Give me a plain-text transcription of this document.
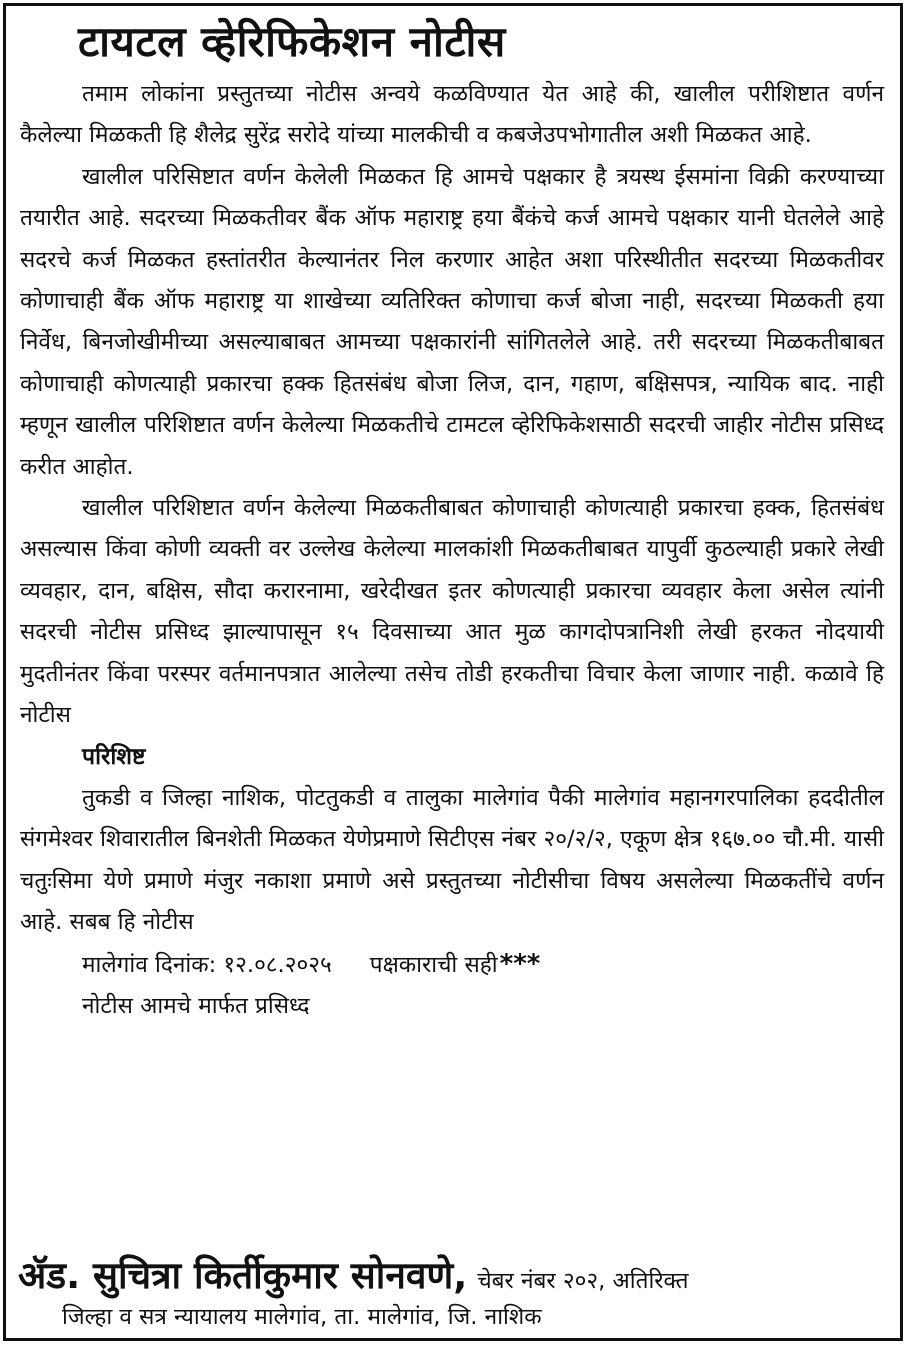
टायटल व्हेरिफिकेशन नोटीस

तमाम लोकांना प्रस्तुतच्या नोटीस अन्वये कळविण्यात येत आहे की, खालील परीशिष्टात वर्णन कैलेल्या मिळकती हि शैलेद्र सुरेंद्र सरोदे यांच्या मालकीची व कबजेउपभोगातील अशी मिळकत आहे.

खालील परिसिष्टात वर्णन केलेली मिळकत हि आमचे पक्षकार है त्रयस्थ ईसमांना विक्री करण्याच्या तयारीत आहे. सदरच्या मिळकतीवर बैंक ऑफ महाराष्ट्र हया बैंकंचे कर्ज आमचे पक्षकार यानी घेतलेले आहे सदरचे कर्ज मिळकत हस्तांतरीत केल्यानंतर निल करणार आहेत अशा परिस्थीतीत सदरच्या मिळकतीवर कोणाचाही बैंक ऑफ महाराष्ट्र या शाखेच्या व्यतिरिक्त कोणाचा कर्ज बोजा नाही, सदरच्या मिळकती हया निर्वेध, बिनजोखीमीच्या असल्याबाबत आमच्या पक्षकारांनी सांगितलेले आहे. तरी सदरच्या मिळकतीबाबत कोणाचाही कोणत्याही प्रकारचा हक्क हितसंबंध बोजा लिज, दान, गहाण, बक्षिसपत्र, न्यायिक बाद. नाही म्हणून खालील परिशिष्टात वर्णन केलेल्या मिळकतीचे टामटल व्हेरिफिकेशसाठी सदरची जाहीर नोटीस प्रसिध्द करीत आहोत.

खालील परिशिष्टात वर्णन केलेल्या मिळकतीबाबत कोणाचाही कोणत्याही प्रकारचा हक्क, हितसंबंध असल्यास किंवा कोणी व्यक्ती वर उल्लेख केलेल्या मालकांशी मिळकतीबाबत यापुर्वी कुठल्याही प्रकारे लेखी व्यवहार, दान, बक्षिस, सौदा करारनामा, खरेदीखत इतर कोणत्याही प्रकारचा व्यवहार केला असेल त्यांनी सदरची नोटीस प्रसिध्द झाल्यापासून १५ दिवसाच्या आत मुळ कागदोपत्रानिशी लेखी हरकत नोदयायी मुदतीनंतर किंवा परस्पर वर्तमानपत्रात आलेल्या तसेच तोडी हरकतीचा विचार केला जाणार नाही. कळावे हि नोटीस

परिशिष्ट

तुकडी व जिल्हा नाशिक, पोटतुकडी व तालुका मालेगांव पैकी मालेगांव महानगरपालिका हददीतील संगमेश्वर शिवारातील बिनशेती मिळकत येणेप्रमाणे सिटीएस नंबर २०/२/२, एकूण क्षेत्र १६७.०० चौ.मी. यासी चतुःसिमा येणे प्रमाणे मंजुर नकाशा प्रमाणे असे प्रस्तुतच्या नोटीसीचा विषय असलेल्या मिळकतींचे वर्णन आहे. सबब हि नोटीस

मालेगांव दिनांक: १२.०८.२०२५ पक्षकाराची सही***
नोटीस आमचे मार्फत प्रसिध्द
ॲड. सुचित्रा किर्तीकुमार सोनवणे, चेबर नंबर २०२, अतिरिक्त
जिल्हा व सत्र न्यायालय मालेगांव, ता. मालेगांव, जि. नाशिक
